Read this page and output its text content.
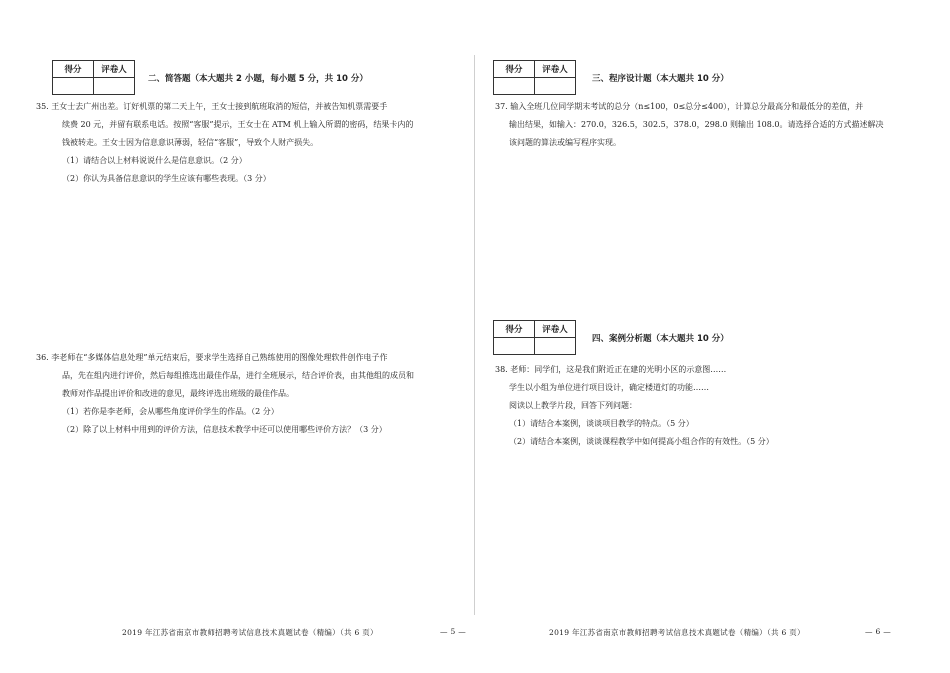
得分	评卷人

二、简答题（本大题共 2 小题，每小题 5 分，共 10 分）

35. 王女士去广州出差。订好机票的第二天上午，王女士接到航班取消的短信，并被告知机票需要手

续费 20 元，并留有联系电话。按照“客服”提示，王女士在 ATM 机上输入所谓的密码，结果卡内的

钱被转走。王女士因为信息意识薄弱，轻信“客服”，导致个人财产损失。

（1）请结合以上材料说说什么是信息意识。（2 分）

（2）你认为具备信息意识的学生应该有哪些表现。（3 分）

36. 李老师在“多媒体信息处理”单元结束后，要求学生选择自己熟练使用的图像处理软件创作电子作

品，先在组内进行评价，然后每组推选出最佳作品，进行全班展示，结合评价表，由其他组的成员和

教师对作品提出评价和改进的意见，最终评选出班级的最佳作品。

（1）若你是李老师，会从哪些角度评价学生的作品。（2 分）

（2）除了以上材料中用到的评价方法，信息技术教学中还可以使用哪些评价方法？（3 分）

2019 年江苏省南京市教师招聘考试信息技术真题试卷（精编）（共 6 页）	— 5 —
得分	评卷人

三、程序设计题（本大题共 10 分）

37. 输入全班几位同学期末考试的总分（n≤100，0≤总分≤400），计算总分最高分和最低分的差值，并

输出结果，如输入：270.0，326.5，302.5，378.0，298.0 则输出 108.0。请选择合适的方式描述解决

该问题的算法或编写程序实现。

得分	评卷人

四、案例分析题（本大题共 10 分）

38. 老师：同学们，这是我们附近正在建的光明小区的示意图……

学生以小组为单位进行项目设计，确定楼道灯的功能……

阅读以上教学片段，回答下列问题：

（1）请结合本案例，谈谈项目教学的特点。（5 分）

（2）请结合本案例，谈谈课程教学中如何提高小组合作的有效性。（5 分）

2019 年江苏省南京市教师招聘考试信息技术真题试卷（精编）（共 6 页）	— 6 —
